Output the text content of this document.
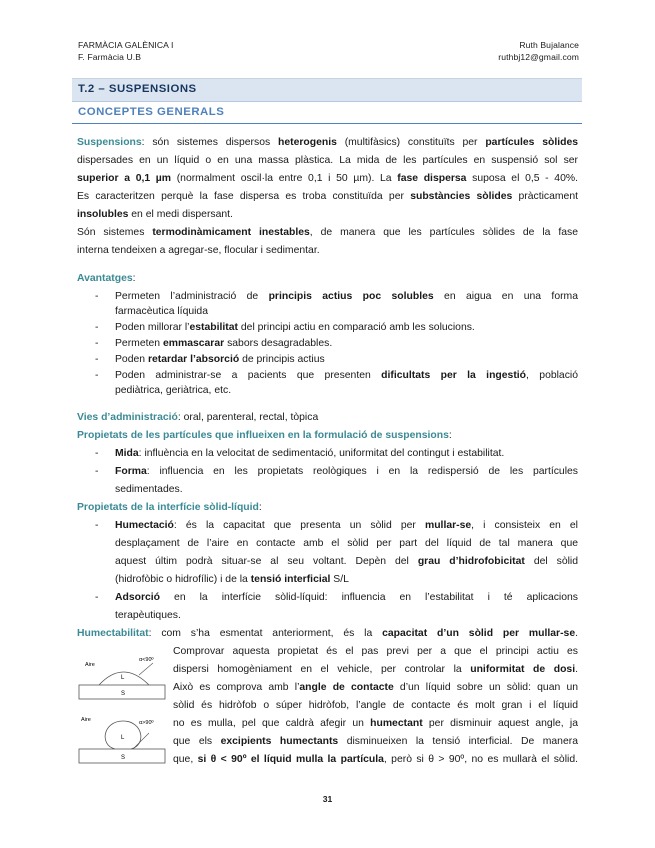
FARMÀCIA GALÈNICA I
F. Farmàcia U.B
Ruth Bujalance
ruthbj12@gmail.com
T.2 – SUSPENSIONS
CONCEPTES GENERALS
Suspensions: són sistemes dispersos heterogenis (multifàsics) constituïts per partícules sòlides
dispersades en un líquid o en una massa plàstica. La mida de les partícules en suspensió sol ser
superior a 0,1 µm (normalment oscil·la entre 0,1 i 50 µm). La fase dispersa suposa el 0,5 - 40%.
Es caracteritzen perquè la fase dispersa es troba constituïda per substàncies sòlides pràcticament
insolubles en el medi dispersant.
Són sistemes termodinàmicament inestables, de manera que les partícules sòlides de la fase
interna tendeixen a agregar-se, flocular i sedimentar.
Avantatges:
- Permeten l’administració de principis actius poc solubles en aigua en una forma
farmacèutica líquida
- Poden millorar l’estabilitat del principi actiu en comparació amb les solucions.
- Permeten emmascarar sabors desagradables.
- Poden retardar l’absorció de principis actius
- Poden administrar-se a pacients que presenten dificultats per la ingestió, població
pediàtrica, geriàtrica, etc.
Vies d’administració: oral, parenteral, rectal, tòpica
Propietats de les partícules que influeixen en la formulació de suspensions:
- Mida: influència en la velocitat de sedimentació, uniformitat del contingut i estabilitat.
- Forma: influencia en les propietats reològiques i en la redispersió de les partícules
sedimentades.
Propietats de la interfície sòlid-líquid:
- Humectació: és la capacitat que presenta un sòlid per mullar-se, i consisteix en el
desplaçament de l’aire en contacte amb el sòlid per part del líquid de tal manera que
aquest últim podrà situar-se al seu voltant. Depèn del grau d’hidrofobicitat del sòlid
(hidrofòbic o hidrofílic) i de la tensió interficial S/L
- Adsorció en la interfície sòlid-líquid: influencia en l’estabilitat i té aplicacions
terapèutiques.
Humectabilitat: com s’ha esmentat anteriorment, és la capacitat d’un sòlid per mullar-se.
Comprovar aquesta propietat és el pas previ per a que el principi actiu es
dispersi homogèniament en el vehicle, per controlar la uniformitat de dosi.
Això es comprova amb l’angle de contacte d’un líquid sobre un sòlid: quan un
sòlid és hidròfob o súper hidròfob, l’angle de contacte és molt gran i el líquid
no es mulla, pel que caldrà afegir un humectant per disminuir aquest angle, ja
que els excipients humectants disminueixen la tensió interficial. De manera
que, si θ < 90º el líquid mulla la partícula, però si θ > 90º, no es mullarà el sòlid.
Aire
α<90º
L
S
Aire	α>90º
L
S
31
